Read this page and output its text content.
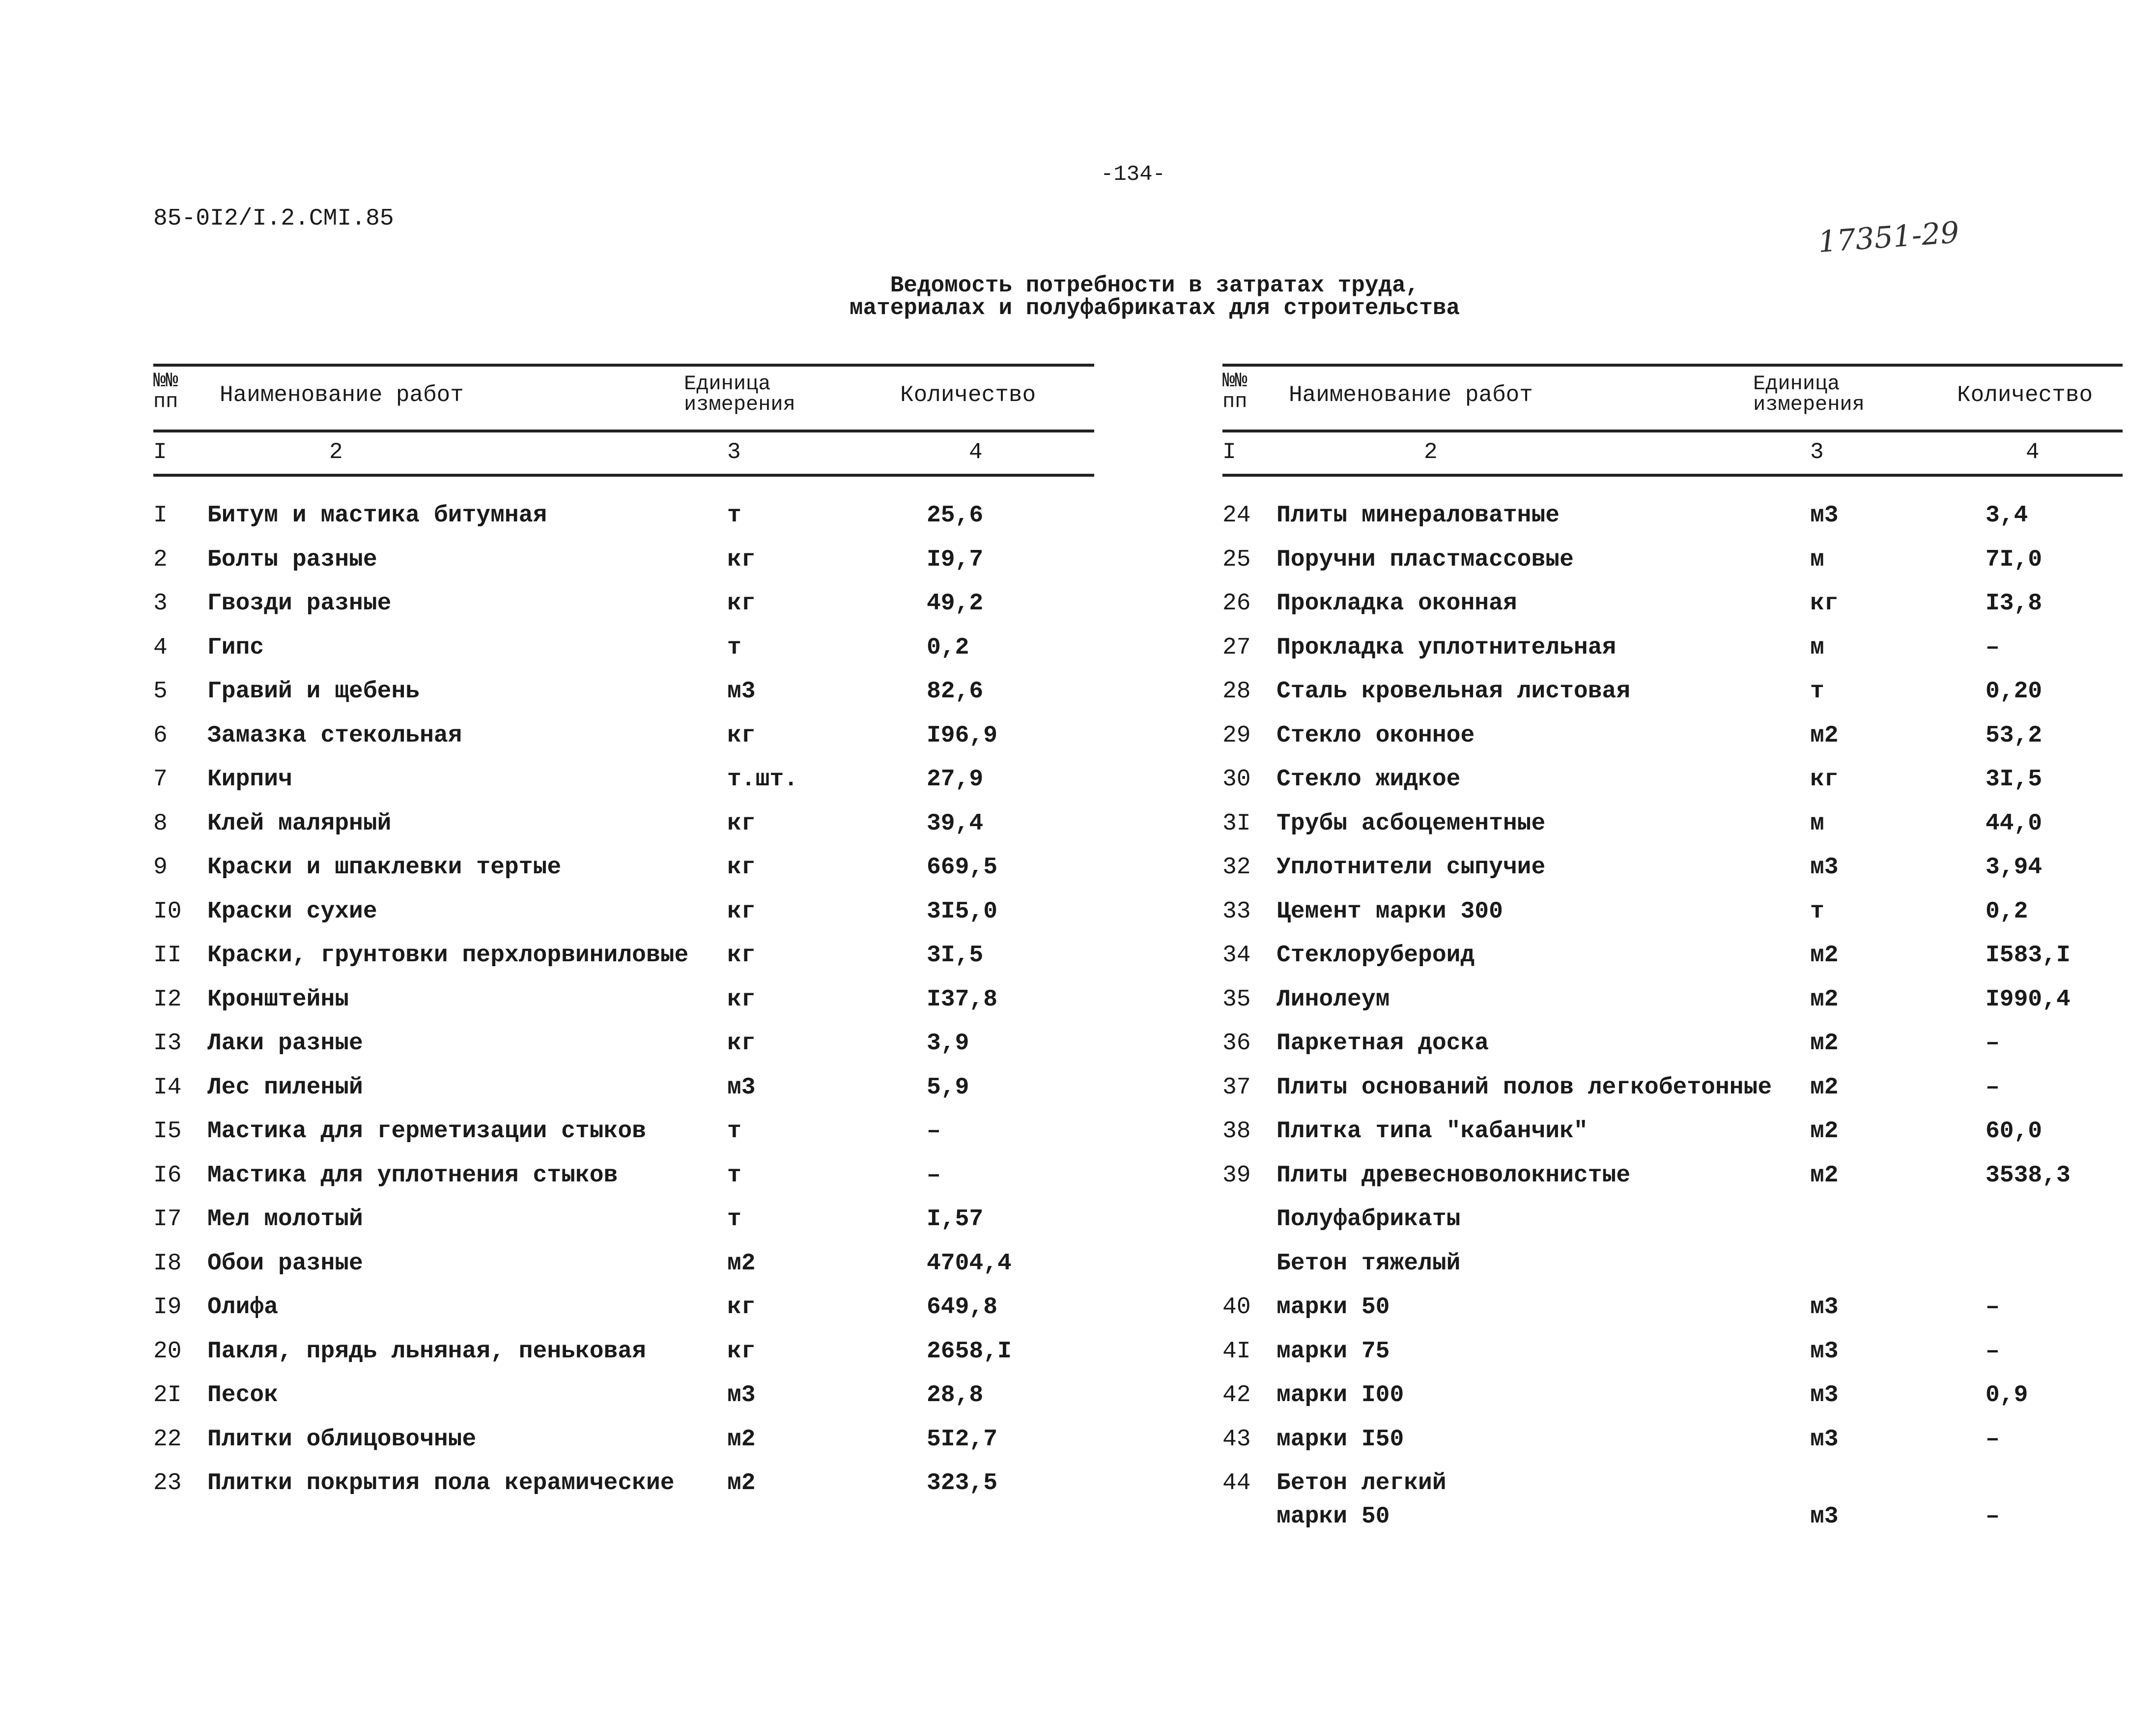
-134-
85-0I2/I.2.CMI.85	17351-29
Ведомость потребности в затратах труда,
материалах и полуфабрикатах для строительства
№№ пп	Наименование работ	Единица измерения	Количество
I	2	3	4
I Битум и мастика битумная	т	25,6
2 Болты разные	кг	I9,7
3 Гвозди разные	кг	49,2
4 Гипс	т	0,2
5 Гравий и щебень	м3	82,6
6 Замазка стекольная	кг	I96,9
7 Кирпич	т.шт.	27,9
8 Клей малярный	кг	39,4
9 Краски и шпаклевки тертые	кг	669,5
I0 Краски сухие	кг	3I5,0
II Краски, грунтовки перхлорвиниловые кг	3I,5
I2 Кронштейны	кг	I37,8
I3 Лаки разные	кг	3,9
I4 Лес пиленый	м3	5,9
I5 Мастика для герметизации стыков	т	–
I6 Мастика для уплотнения стыков	т	–
I7 Мел молотый	т	I,57
I8 Обои разные	м2	4704,4
I9 Олифа	кг	649,8
20 Пакля, прядь льняная, пеньковая	кг	2658,I
2I Песок	м3	28,8
22 Плитки облицовочные	м2	5I2,7
23 Плитки покрытия пола керамические м2	323,5
№№ пп	Наименование работ	Единица измерения	Количество
I	2	3	4
24 Плиты минераловатные	м3	3,4
25 Поручни пластмассовые	м	7I,0
26 Прокладка оконная	кг	I3,8
27 Прокладка уплотнительная	м	–
28 Сталь кровельная листовая	т	0,20
29 Стекло оконное	м2	53,2
30 Стекло жидкое	кг	3I,5
3I Трубы асбоцементные	м	44,0
32 Уплотнители сыпучие	м3	3,94
33 Цемент марки 300	т	0,2
34 Стеклорубероид	м2	I583,I
35 Линолеум	м2	I990,4
36 Паркетная доска	м2	–
37 Плиты оснований полов легкобетонные м2	–
38 Плитка типа "кабанчик"	м2	60,0
39 Плиты древесноволокнистые	м2	3538,3
Полуфабрикаты
Бетон тяжелый
40 марки 50	м3	–
4I марки 75	м3	–
42 марки I00	м3	0,9
43 марки I50	м3	–
44 Бетон легкий
марки 50	м3	–
